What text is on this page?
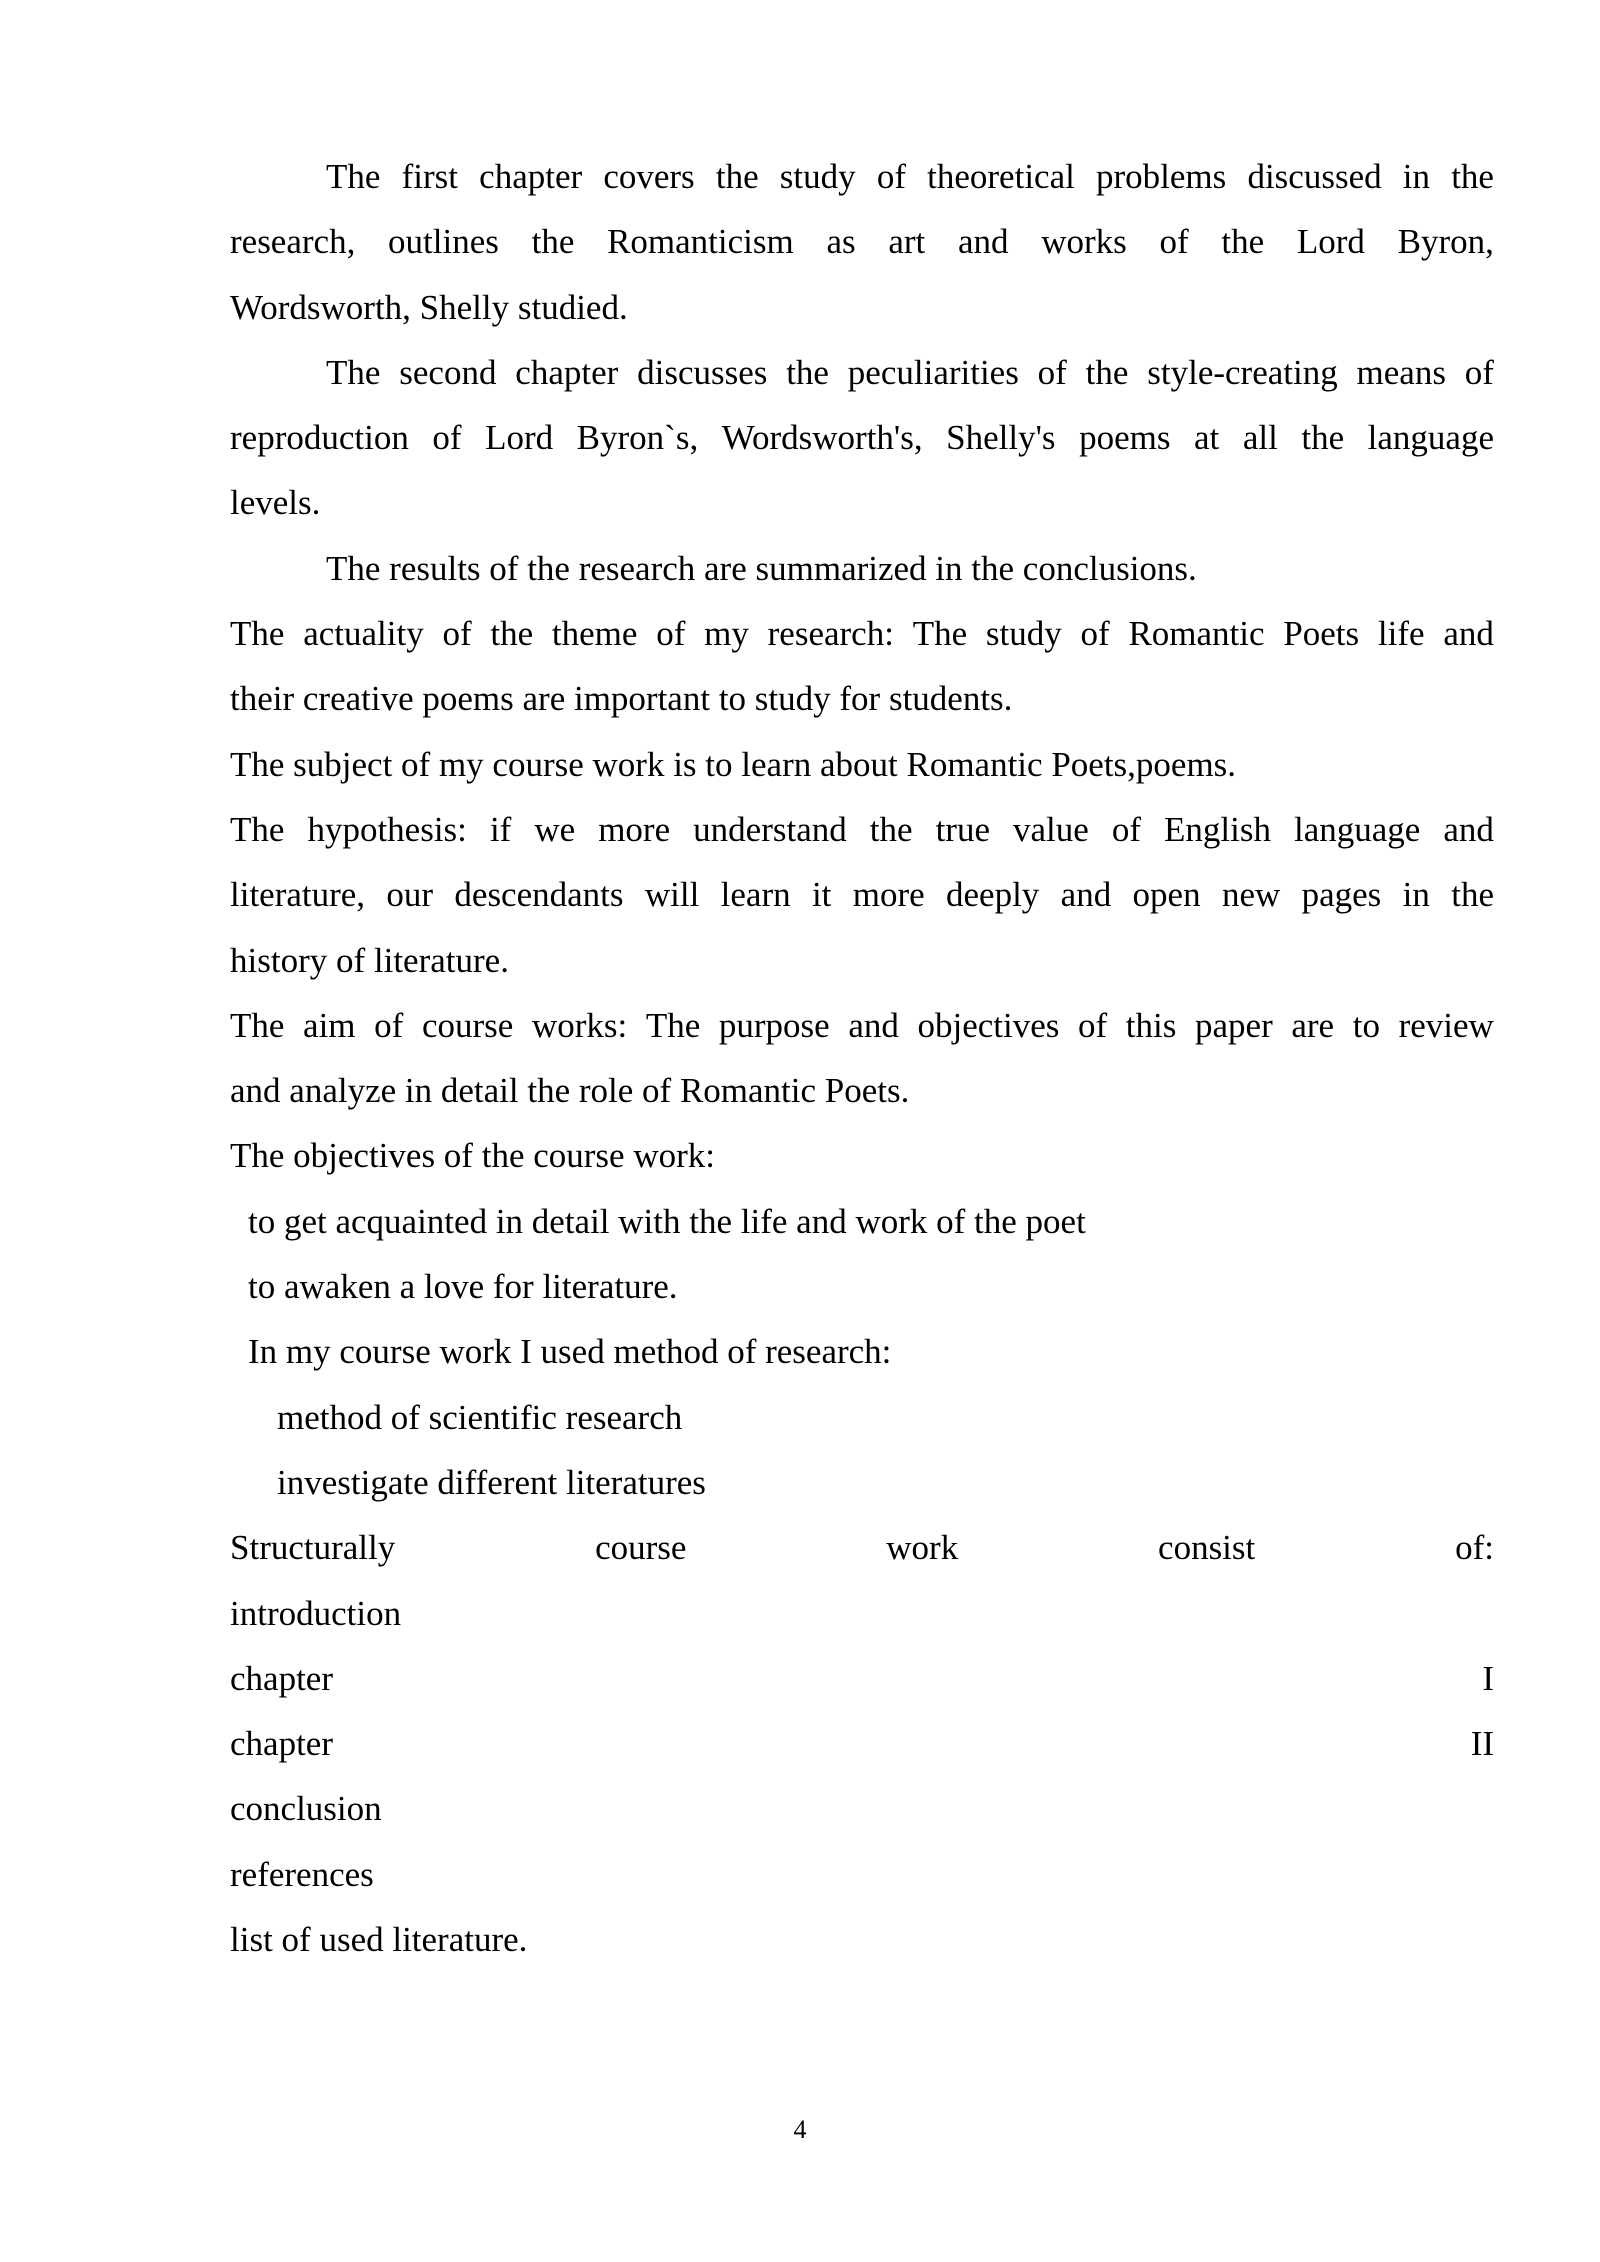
The first chapter covers the study of theoretical problems discussed in the
research, outlines the Romanticism as art and works of the Lord Byron,
Wordsworth, Shelly studied.
The second chapter discusses the peculiarities of the style-creating means of
reproduction of Lord Byron`s, Wordsworth's, Shelly's poems at all the language
levels.
The results of the research are summarized in the conclusions.
The actuality of the theme of my research: The study of Romantic Poets life and
their creative poems are important to study for students.
The subject of my course work is to learn about Romantic Poets,poems.
The hypothesis: if we more understand the true value of English language and
literature, our descendants will learn it more deeply and open new pages in the
history of literature.
The aim of course works: The purpose and objectives of this paper are to review
and analyze in detail the role of Romantic Poets.
The objectives of the course work:
to get acquainted in detail with the life and work of the poet
to awaken a love for literature.
In my course work I used method of research:
method of scientific research
investigate different literatures
Structurally	course	work	consist	of:
introduction
chapter	I
chapter	II
conclusion
references
list of used literature.
4
